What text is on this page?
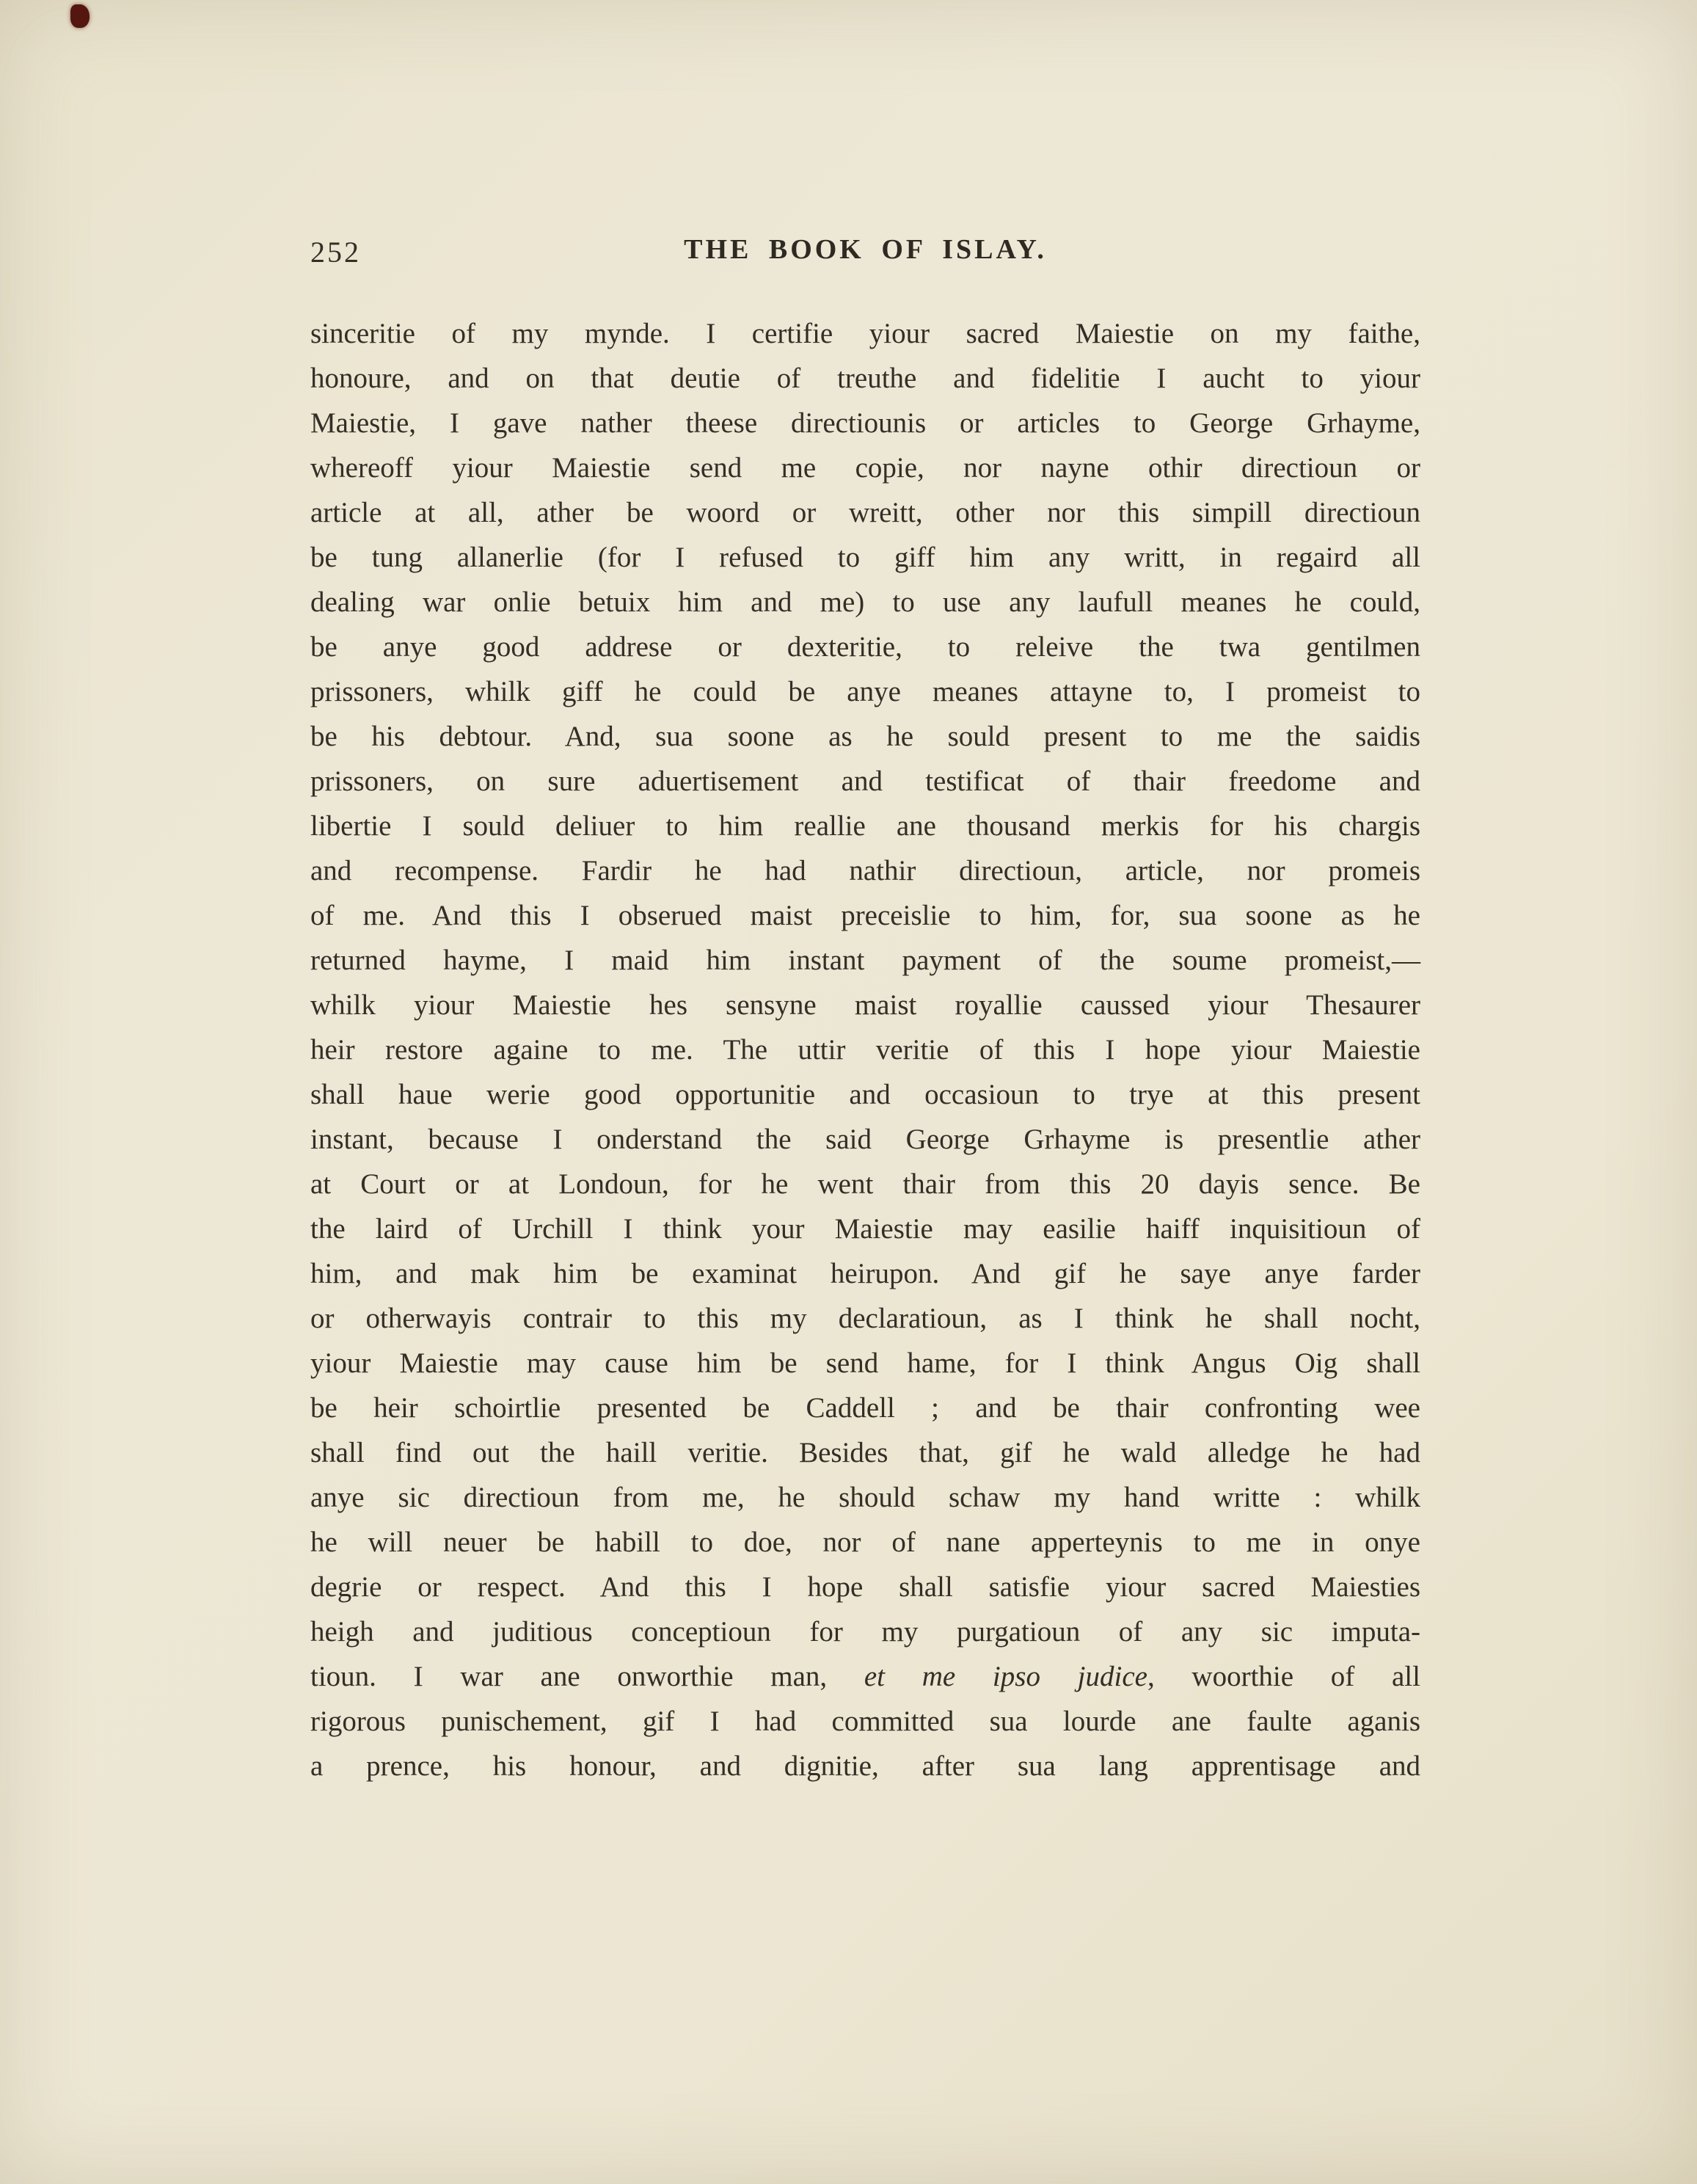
252	THE BOOK OF ISLAY.
sinceritie of my mynde. I certifie yiour sacred Maiestie on my faithe,
honoure, and on that deutie of treuthe and fidelitie I aucht to yiour
Maiestie, I gave nather theese directiounis or articles to George Grhayme,
whereoff yiour Maiestie send me copie, nor nayne othir directioun or
article at all, ather be woord or wreitt, other nor this simpill directioun
be tung allanerlie (for I refused to giff him any writt, in regaird all
dealing war onlie betuix him and me) to use any laufull meanes he could,
be anye good addrese or dexteritie, to releive the twa gentilmen
prissoners, whilk giff he could be anye meanes attayne to, I promeist to
be his debtour. And, sua soone as he sould present to me the saidis
prissoners, on sure aduertisement and testificat of thair freedome and
libertie I sould deliuer to him reallie ane thousand merkis for his chargis
and recompense. Fardir he had nathir directioun, article, nor promeis
of me. And this I obserued maist preceislie to him, for, sua soone as he
returned hayme, I maid him instant payment of the soume promeist,—
whilk yiour Maiestie hes sensyne maist royallie caussed yiour Thesaurer
heir restore againe to me. The uttir veritie of this I hope yiour Maiestie
shall haue werie good opportunitie and occasioun to trye at this present
instant, because I onderstand the said George Grhayme is presentlie ather
at Court or at Londoun, for he went thair from this 20 dayis sence. Be
the laird of Urchill I think your Maiestie may easilie haiff inquisitioun of
him, and mak him be examinat heirupon. And gif he saye anye farder
or otherwayis contrair to this my declaratioun, as I think he shall nocht,
yiour Maiestie may cause him be send hame, for I think Angus Oig shall
be heir schoirtlie presented be Caddell ; and be thair confronting wee
shall find out the haill veritie. Besides that, gif he wald alledge he had
anye sic directioun from me, he should schaw my hand writte : whilk
he will neuer be habill to doe, nor of nane apperteynis to me in onye
degrie or respect. And this I hope shall satisfie yiour sacred Maiesties
heigh and juditious conceptioun for my purgatioun of any sic imputa-
tioun. I war ane onworthie man, et me ipso judice, woorthie of all
rigorous punischement, gif I had committed sua lourde ane faulte aganis
a prence, his honour, and dignitie, after sua lang apprentisage and
